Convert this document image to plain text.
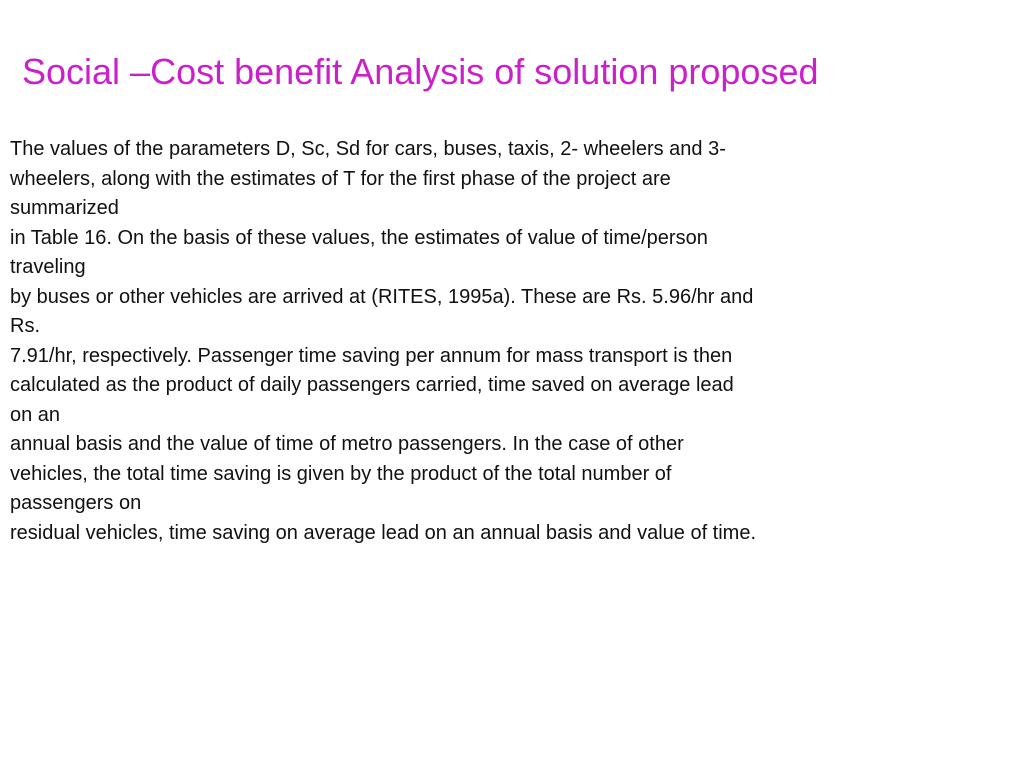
Social –Cost benefit Analysis of solution proposed
The values of the parameters D, Sc, Sd for cars, buses, taxis, 2- wheelers and 3-
wheelers, along with the estimates of T for the first phase of the project are
summarized
in Table 16. On the basis of these values, the estimates of value of time/person
traveling
by buses or other vehicles are arrived at (RITES, 1995a). These are Rs. 5.96/hr and
Rs.
7.91/hr, respectively. Passenger time saving per annum for mass transport is then
calculated as the product of daily passengers carried, time saved on average lead
on an
annual basis and the value of time of metro passengers. In the case of other
vehicles, the total time saving is given by the product of the total number of
passengers on
residual vehicles, time saving on average lead on an annual basis and value of time.
